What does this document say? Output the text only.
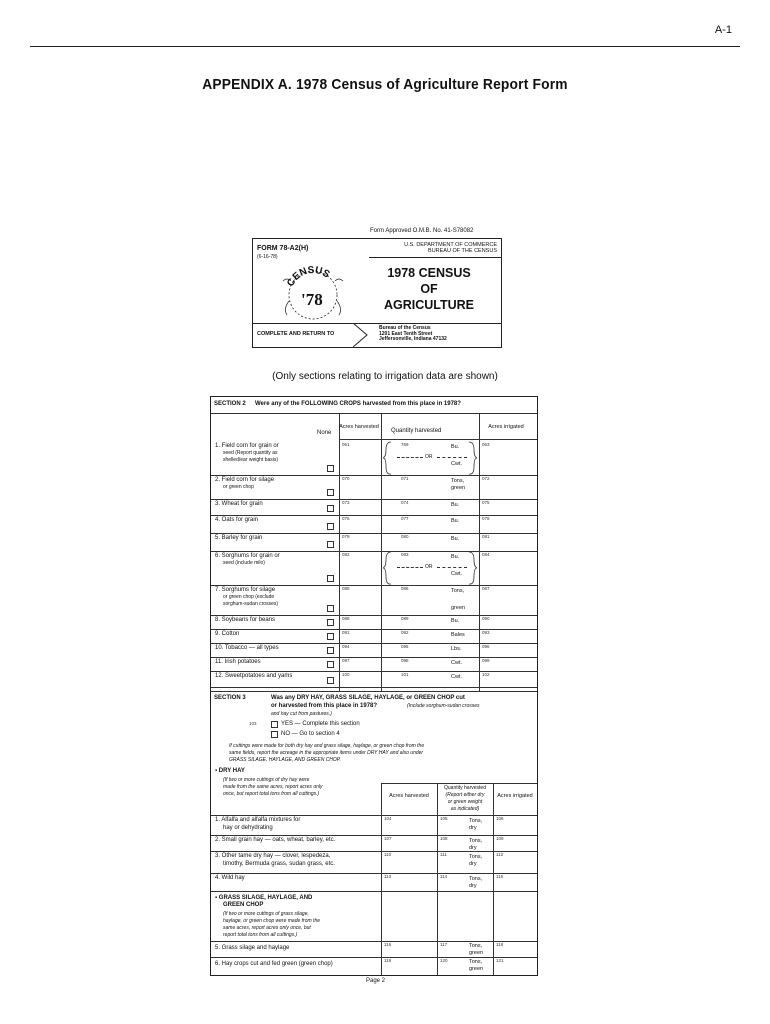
A-1
APPENDIX A. 1978 Census of Agriculture Report Form
Form Approved O.M.B. No. 41-S78082
FORM 78-A2(H)
(6-16-78)
U.S. DEPARTMENT OF COMMERCE
BUREAU OF THE CENSUS
CENSUS
'78
1978 CENSUS
OF
AGRICULTURE
COMPLETE AND RETURN TO
Bureau of the Census
1201 East Tenth Street
Jeffersonville, Indiana 47132
(Only sections relating to irrigation data are shown)
SECTION 2 Were any of the FOLLOWING CROPS harvested from this place in 1978?
None
Acres harvested
Quantity harvested
Acres irrigated
1. Field corn for grain or
seed (Report quantity as
shelled/ear weight basis)
061	769	063
Bu.
Cwt.
OR
2. Field corn for silage
or green chop
070	071	072
Tons,
green
3. Wheat for grain	073	074	075
Bu.
4. Oats for grain	076	077	078
Bu.
5. Barley for grain	079	080	081
Bu.
6. Sorghums for grain or
seed (include milo)
082	083	084
Bu.
Cwt.
OR
7. Sorghums for silage
or green chop (exclude
sorghum-sudan crosses)
085	086	087
Tons,
green
8. Soybeans for beans	088	089	090
Bu.
9. Cotton	091	092	093
Bales
10. Tobacco — all types	094	095	096
Lbs.
11. Irish potatoes	097	098	099
Cwt.
12. Sweetpotatoes and yams	100	101	102
Cwt.
SECTION 3	Was any DRY HAY, GRASS SILAGE, HAYLAGE, or GREEN CHOP cut
or harvested from this place in 1978?	(Include sorghum-sudan crosses
and hay cut from pastures.)
103	YES — Complete this section
NO — Go to section 4
If cuttings were made for both dry hay and grass silage, haylage, or green chop from the
same fields, report the acreage in the appropriate items under DRY HAY and also under
GRASS SILAGE, HAYLAGE, AND GREEN CHOP.
▪ DRY HAY
(If two or more cuttings of dry hay were
made from the same acres, report acres only
once, but report total tons from all cuttings.)	Acres harvested
Quantity harvested
(Report either dry
or green weight
as indicated)
Acres irrigated
1. Alfalfa and alfalfa mixtures for
hay or dehydrating
104	105	106
Tons,
dry
2. Small grain hay — oats, wheat, barley, etc.	107	108	109
Tons,
dry
3. Other tame dry hay — clover, lespedeza,
timothy, Bermuda grass, sudan grass, etc.
110	111	112
Tons,
dry
4. Wild hay	113	114	115
Tons,
dry
▪ GRASS SILAGE, HAYLAGE, AND
GREEN CHOP
(If two or more cuttings of grass silage,
haylage, or green chop were made from the
same acres, report acres only once, but
report total tons from all cuttings.)
5. Grass silage and haylage
116	117	118
Tons,
green
6. Hay crops cut and fed green (green chop)
119	120	121
Tons,
green
Page 2
